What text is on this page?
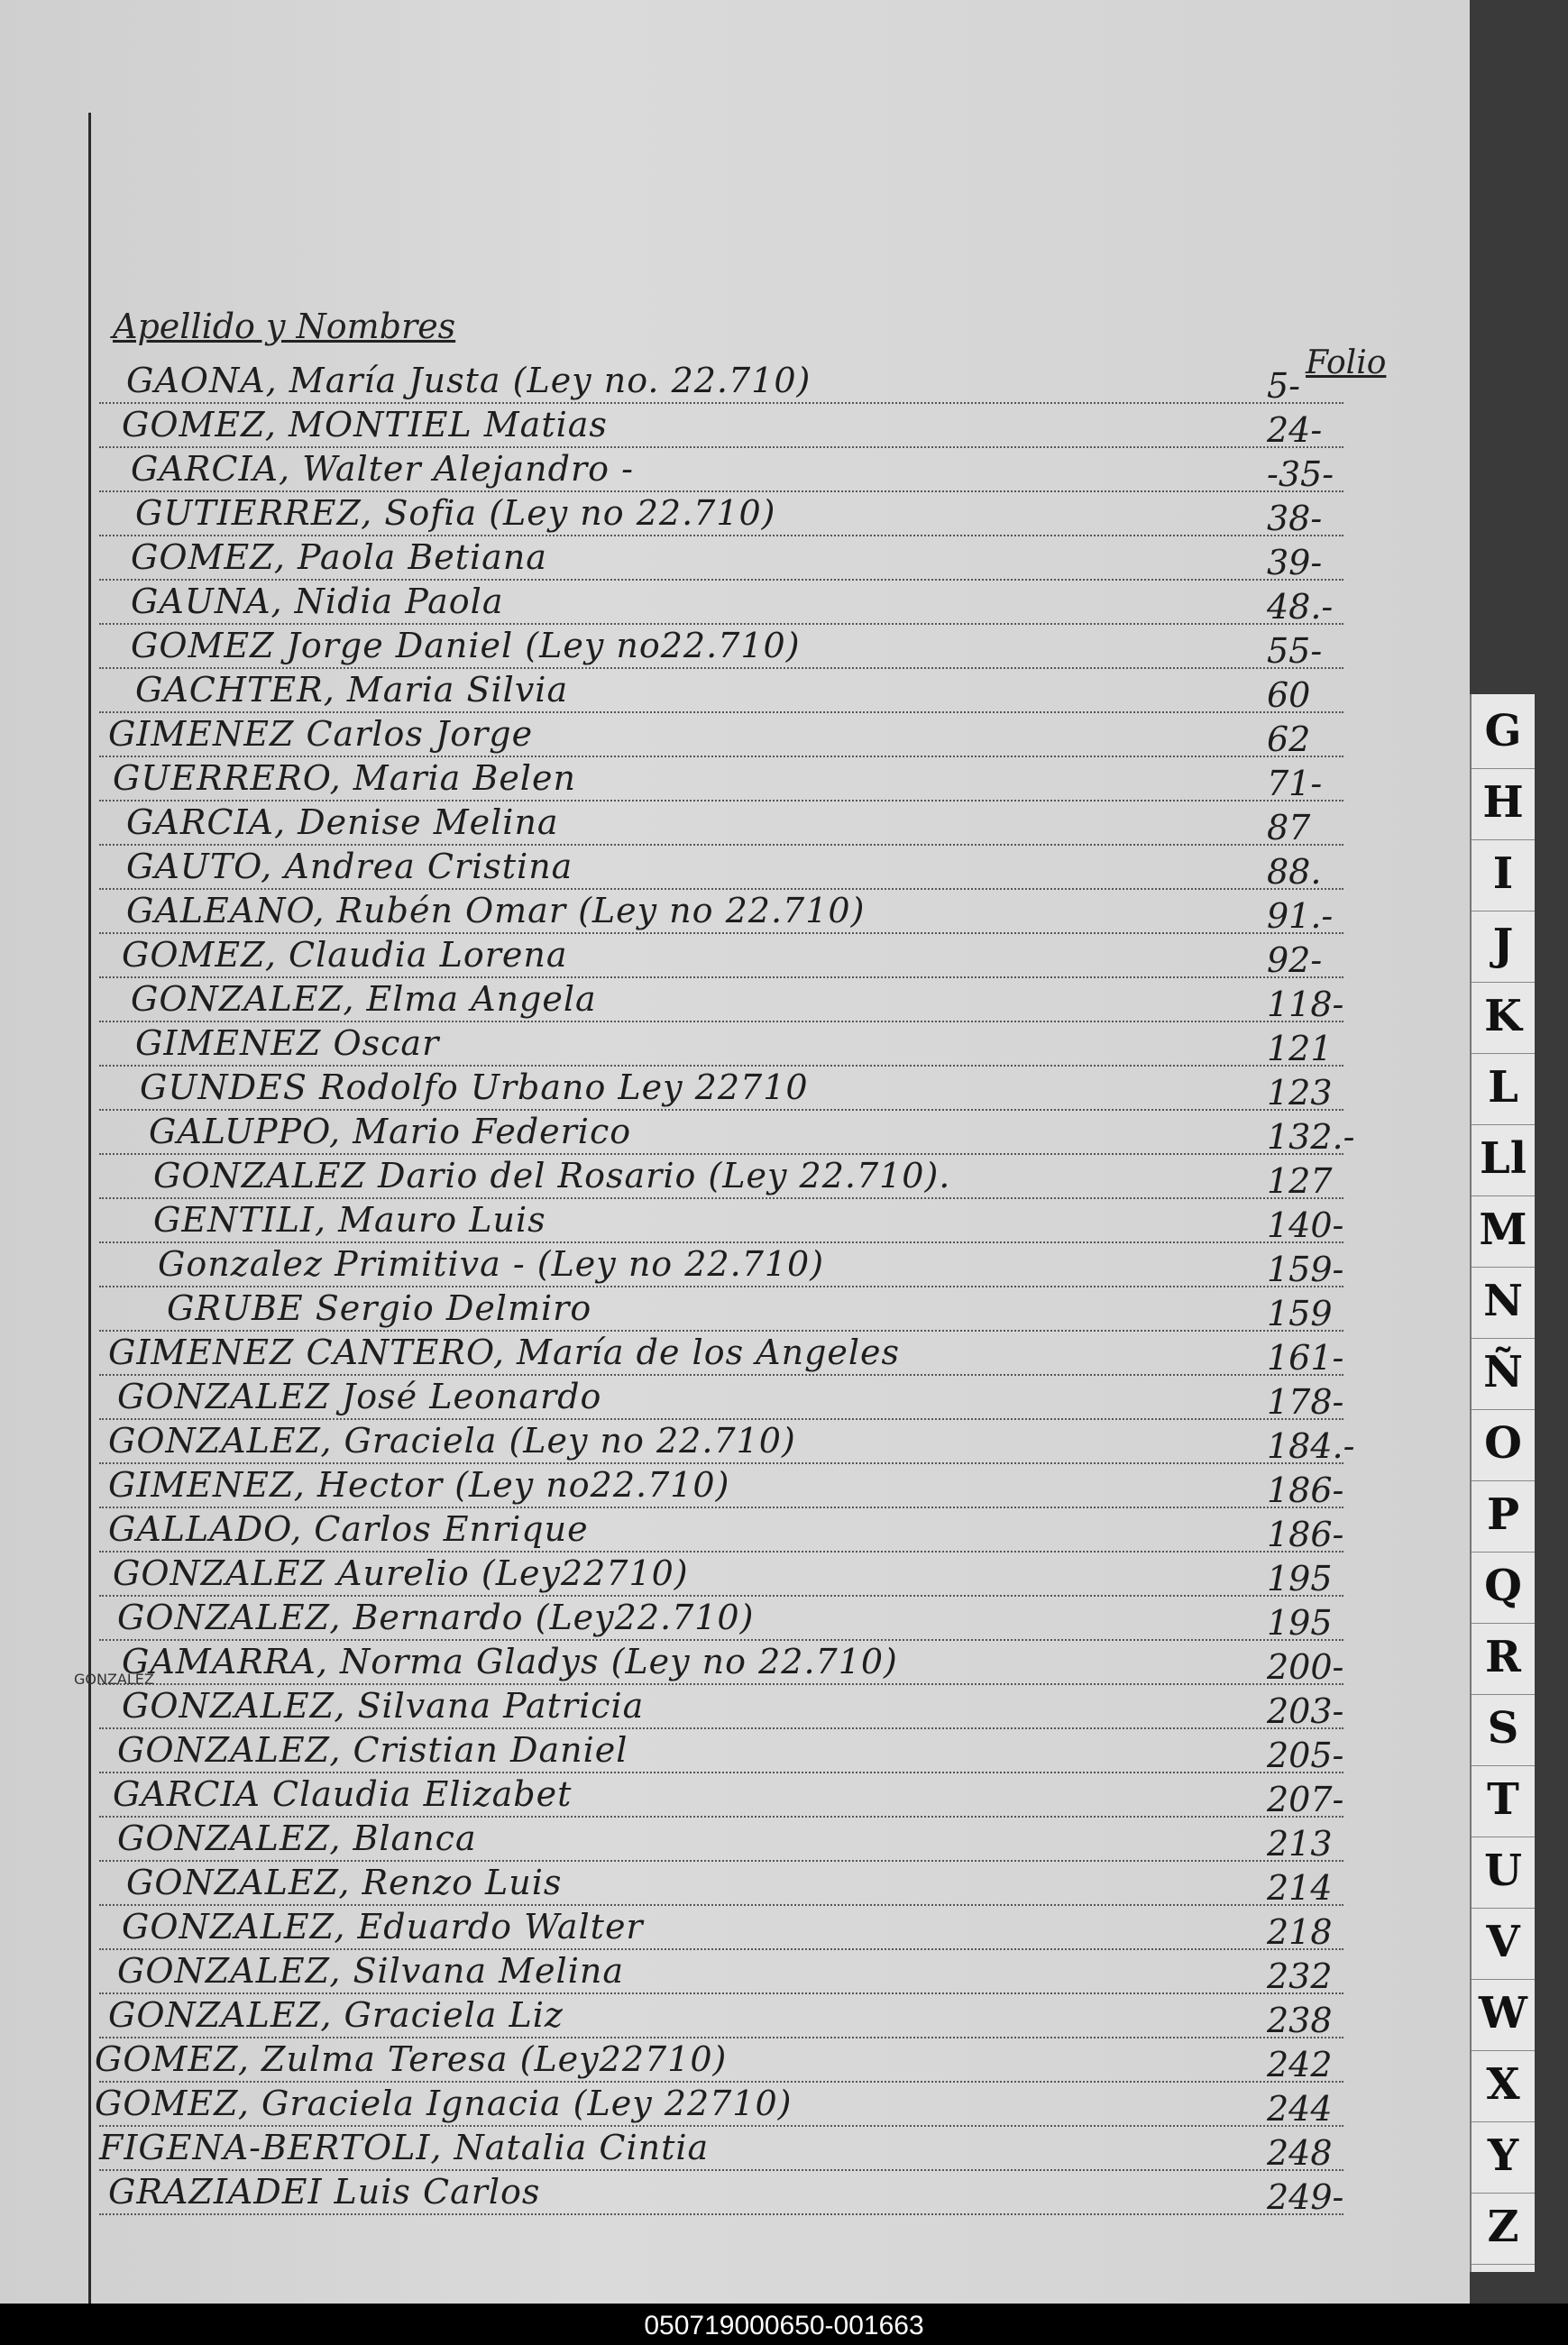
Apellido y Nombres
Folio
GAONA, María Justa (Ley no. 22.710)	5-
GOMEZ, MONTIEL Matias	24-
GARCIA, Walter Alejandro -	-35-
GUTIERREZ, Sofia (Ley no 22.710)	38-
GOMEZ, Paola Betiana	39-
GAUNA, Nidia Paola	48.-
GOMEZ Jorge Daniel (Ley no22.710)	55-
GACHTER, Maria Silvia	60
GIMENEZ Carlos Jorge	62
GUERRERO, Maria Belen	71-
GARCIA, Denise Melina	87
GAUTO, Andrea Cristina	88.
GALEANO, Rubén Omar (Ley no 22.710)	91.-
GOMEZ, Claudia Lorena	92-
GONZALEZ, Elma Angela	118-
GIMENEZ Oscar	121
GUNDES Rodolfo Urbano Ley 22710	123
GALUPPO, Mario Federico	132.-
GONZALEZ Dario del Rosario (Ley 22.710).	127
GENTILI, Mauro Luis	140-
Gonzalez Primitiva - (Ley no 22.710)	159-
GRUBE Sergio Delmiro	159
GIMENEZ CANTERO, María de los Angeles	161-
GONZALEZ José Leonardo	178-
GONZALEZ, Graciela (Ley no 22.710)	184.-
GIMENEZ, Hector (Ley no22.710)	186-
GALLADO, Carlos Enrique	186-
GONZALEZ Aurelio (Ley22710)	195
GONZALEZ, Bernardo (Ley22.710)	195
GAMARRA, Norma Gladys (Ley no 22.710)	200-
GONZALEZ, Silvana Patricia	203-
GONZALEZ, Cristian Daniel	205-
GARCIA Claudia Elizabet	207-
GONZALEZ, Blanca	213
GONZALEZ, Renzo Luis	214
GONZALEZ, Eduardo Walter	218
GONZALEZ, Silvana Melina	232
GONZALEZ, Graciela Liz	238
GOMEZ, Zulma Teresa (Ley22710)	242
GOMEZ, Graciela Ignacia (Ley 22710)	244
FIGENA-BERTOLI, Natalia Cintia	248
GRAZIADEI Luis Carlos	249-
GONZALEZ
G
H
I
J
K
L
Ll
M
N
Ñ
O
P
Q
R
S
T
U
V
W
X
Y
Z
050719000650-001663
